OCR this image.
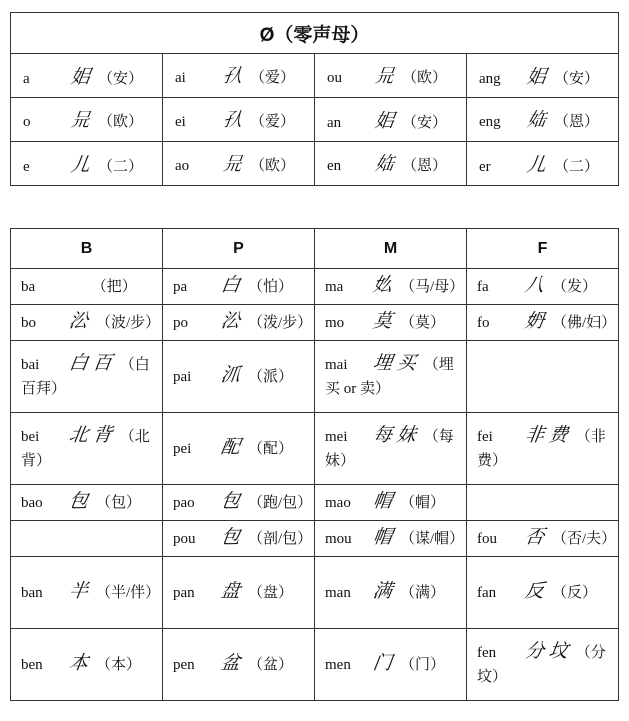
Ø（零声母）			
a 㚶 （安）	ai 𡤿 （爱）	ou 𠯚 （欧）	ang 㚶 （安）
o 𠯚 （欧）	ei 𡤿 （爱）	an 㚶 （安）	eng 𡜊 （恩）
e 儿 （二）	ao 𠯚 （欧）	en 𡜊 （恩）	er 儿 （二）
B	P	M	F
ba 𡝣 （把）	pa 白 （怕）	ma 𡚸 （马/母）	fa 八 （发）
bo 㳂 （波/步）	po 㳂 （泼/步）	mo 莫 （莫）	fo 𡛓 （佛/妇）
bai 白 百 （白百拜）	pai 沠 （派）	mai 埋 买 （埋买 or 卖）	
bei 北 背 （北背）	pei 配 （配）	mei 每 妹 （每妹）	fei 非 费 （非费）
bao 包 （包）	pao 包 （跑/包）	mao 帽 （帽）	
	pou 包 （剖/包）	mou 帽 （谋/帽）	fou 否 （否/夫）
ban 半 （半/伴）	pan 盘 （盘）	man 满 （满）	fan 反 （反）
ben 本 （本）	pen 盆 （盆）	men 门 （门）	fen 分 坟 （分坟）
